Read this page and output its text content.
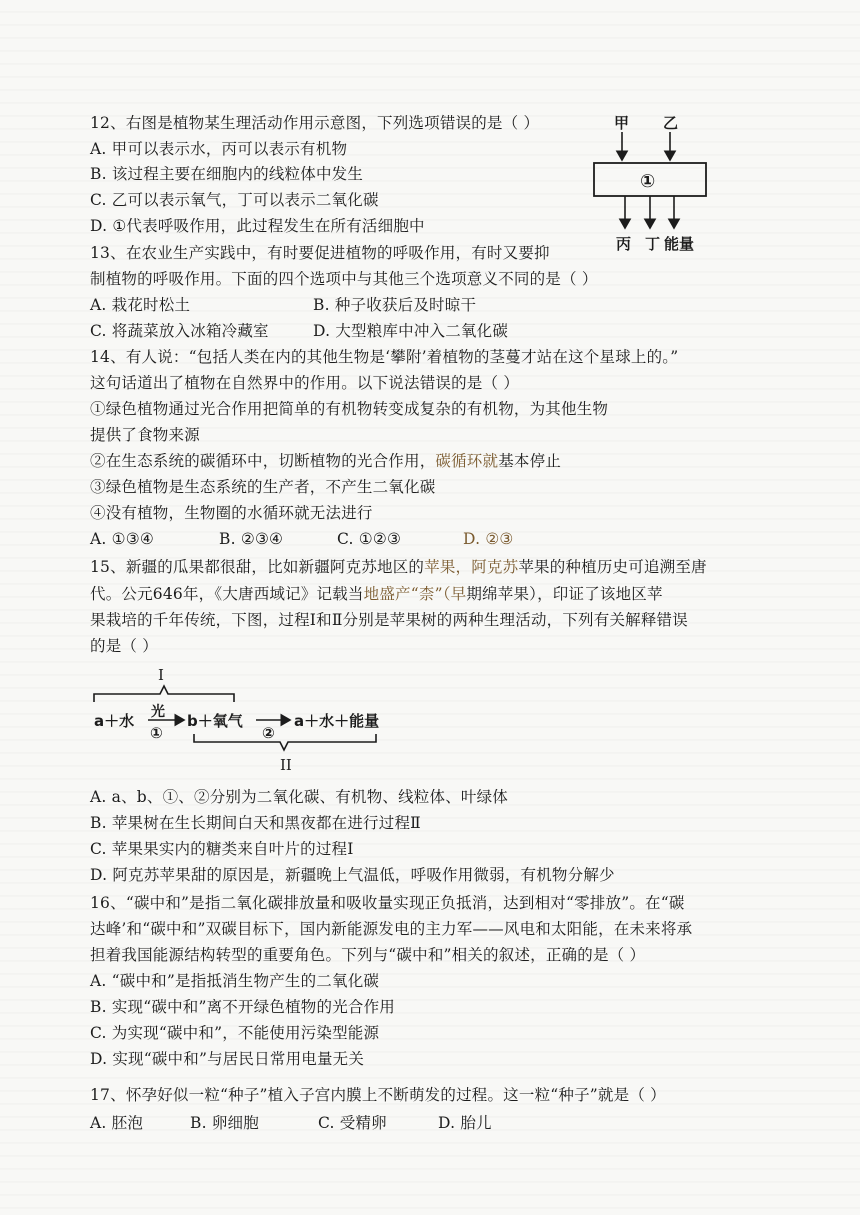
12、右图是植物某生理活动作用示意图，下列选项错误的是（ ）
A. 甲可以表示水，丙可以表示有机物
B. 该过程主要在细胞内的线粒体中发生
C. 乙可以表示氧气，丁可以表示二氧化碳
D. ①代表呼吸作用，此过程发生在所有活细胞中
甲 乙
①
丙 丁 能量
13、在农业生产实践中，有时要促进植物的呼吸作用，有时又要抑
制植物的呼吸作用。下面的四个选项中与其他三个选项意义不同的是（ ）
A. 栽花时松土	B. 种子收获后及时晾干
C. 将蔬菜放入冰箱冷藏室	D. 大型粮库中冲入二氧化碳
14、有人说：“包括人类在内的其他生物是‘攀附’着植物的茎蔓才站在这个星球上的。”
这句话道出了植物在自然界中的作用。以下说法错误的是（ ）
①绿色植物通过光合作用把简单的有机物转变成复杂的有机物，为其他生物
提供了食物来源
②在生态系统的碳循环中，切断植物的光合作用，碳循环就基本停止
③绿色植物是生态系统的生产者，不产生二氧化碳
④没有植物，生物圈的水循环就无法进行
A. ①③④	B. ②③④	C. ①②③	D. ②③
15、新疆的瓜果都很甜，比如新疆阿克苏地区的苹果，阿克苏苹果的种植历史可追溯至唐
代。公元646年，《大唐西域记》记载当地盛产“柰”（早期绵苹果），印证了该地区苹
果栽培的千年传统，下图，过程Ⅰ和Ⅱ分别是苹果树的两种生理活动，下列有关解释错误
的是（ ）
I
a＋水 光
①
b＋氧气
②
a＋水＋能量
II
A. a、b、①、②分别为二氧化碳、有机物、线粒体、叶绿体
B. 苹果树在生长期间白天和黑夜都在进行过程Ⅱ
C. 苹果果实内的糖类来自叶片的过程Ⅰ
D. 阿克苏苹果甜的原因是，新疆晚上气温低，呼吸作用微弱，有机物分解少
16、“碳中和”是指二氧化碳排放量和吸收量实现正负抵消，达到相对“零排放”。在“碳
达峰’和“碳中和”双碳目标下，国内新能源发电的主力军——风电和太阳能，在未来将承
担着我国能源结构转型的重要角色。下列与“碳中和”相关的叙述，正确的是（ ）
A. “碳中和”是指抵消生物产生的二氧化碳
B. 实现“碳中和”离不开绿色植物的光合作用
C. 为实现“碳中和”，不能使用污染型能源
D. 实现“碳中和”与居民日常用电量无关
17、怀孕好似一粒“种子”植入子宫内膜上不断萌发的过程。这一粒“种子”就是（ ）
A. 胚泡	B. 卵细胞	C. 受精卵	D. 胎儿
